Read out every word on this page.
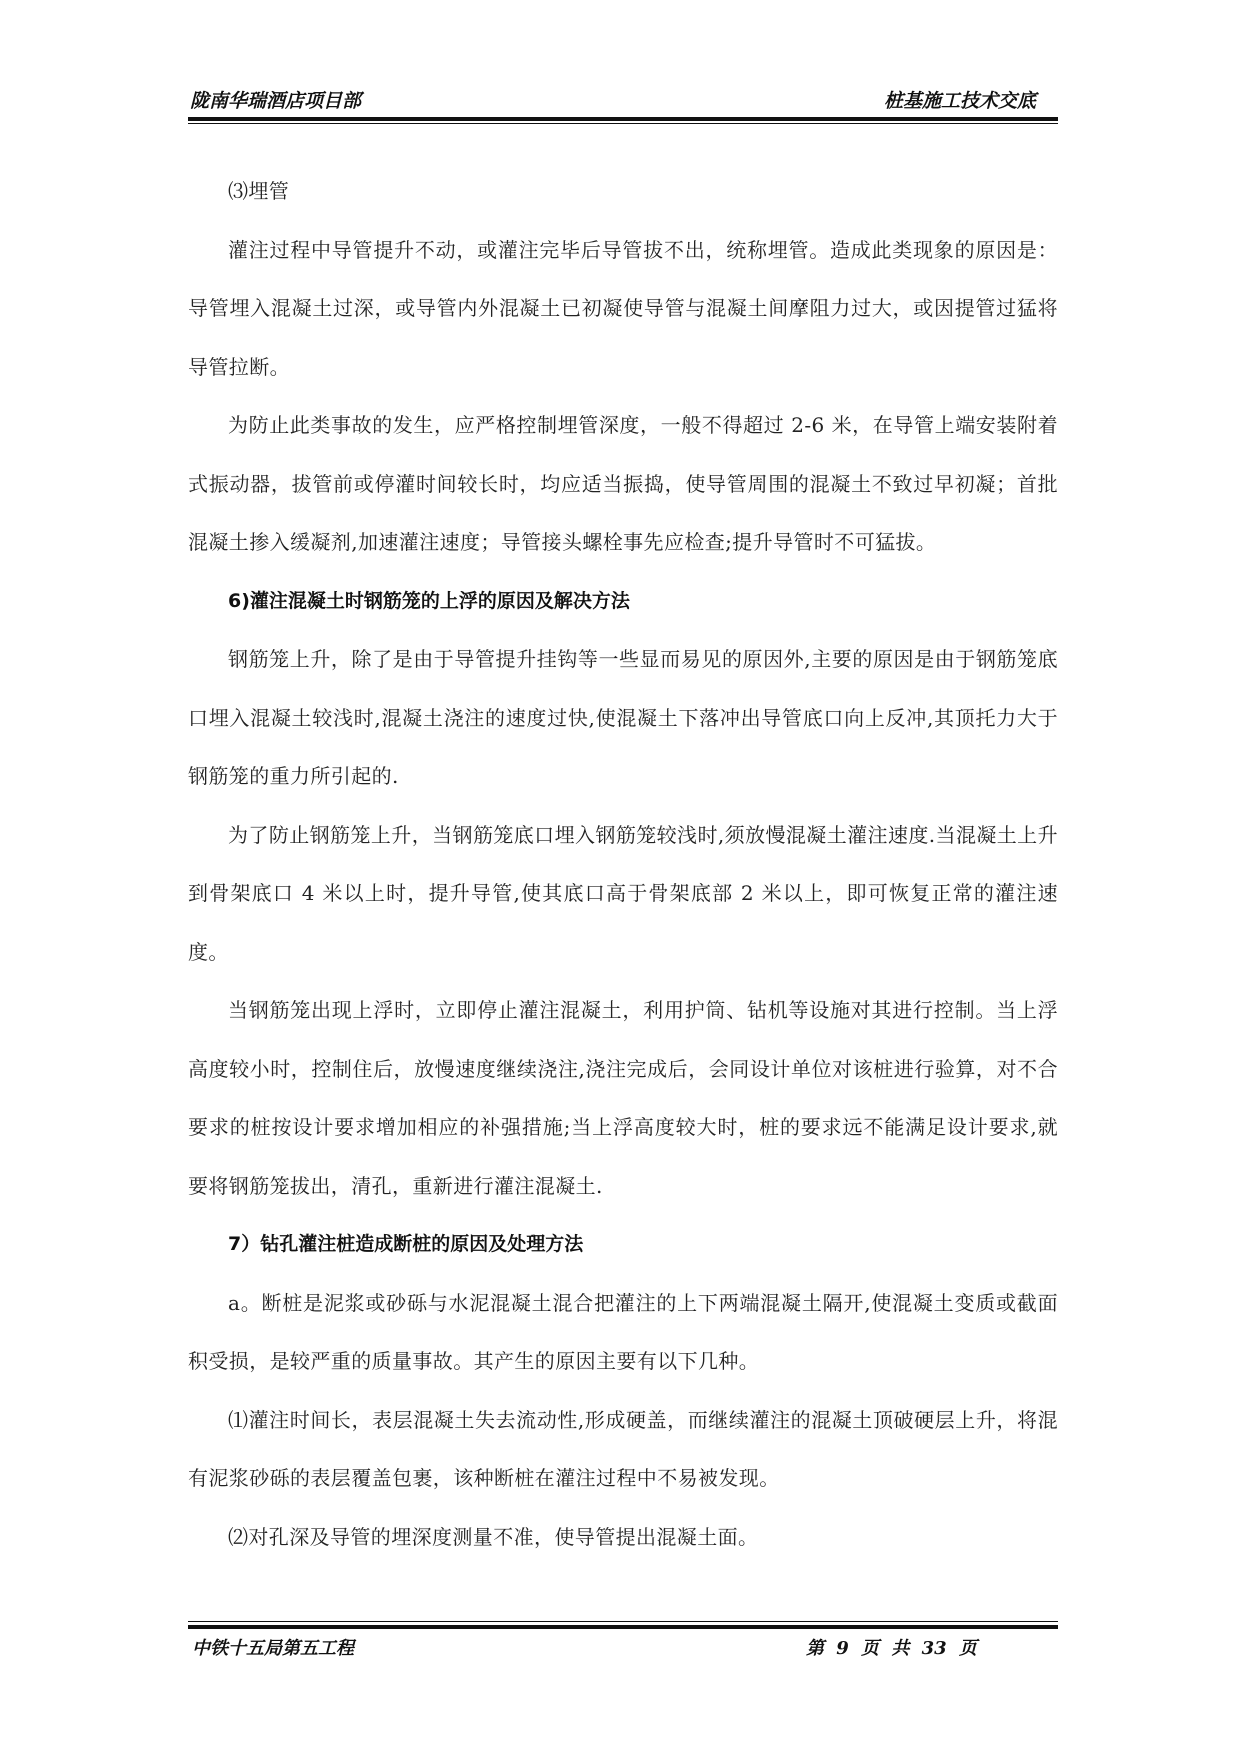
陇南华瑞酒店项目部	桩基施工技术交底

⑶埋管

灌注过程中导管提升不动，或灌注完毕后导管拔不出，统称埋管。造成此类现象的原因是：导管埋入混凝土过深，或导管内外混凝土已初凝使导管与混凝土间摩阻力过大，或因提管过猛将导管拉断。

为防止此类事故的发生，应严格控制埋管深度，一般不得超过 2-6 米，在导管上端安装附着式振动器，拔管前或停灌时间较长时，均应适当振捣，使导管周围的混凝土不致过早初凝；首批混凝土掺入缓凝剂,加速灌注速度；导管接头螺栓事先应检查;提升导管时不可猛拔。

6)灌注混凝土时钢筋笼的上浮的原因及解决方法

钢筋笼上升，除了是由于导管提升挂钩等一些显而易见的原因外,主要的原因是由于钢筋笼底口埋入混凝土较浅时,混凝土浇注的速度过快,使混凝土下落冲出导管底口向上反冲,其顶托力大于钢筋笼的重力所引起的.

为了防止钢筋笼上升，当钢筋笼底口埋入钢筋笼较浅时,须放慢混凝土灌注速度.当混凝土上升到骨架底口 4 米以上时，提升导管,使其底口高于骨架底部 2 米以上，即可恢复正常的灌注速度。

当钢筋笼出现上浮时，立即停止灌注混凝土，利用护筒、钻机等设施对其进行控制。当上浮高度较小时，控制住后，放慢速度继续浇注,浇注完成后，会同设计单位对该桩进行验算，对不合要求的桩按设计要求增加相应的补强措施;当上浮高度较大时，桩的要求远不能满足设计要求,就要将钢筋笼拔出，清孔，重新进行灌注混凝土.

7）钻孔灌注桩造成断桩的原因及处理方法

a。断桩是泥浆或砂砾与水泥混凝土混合把灌注的上下两端混凝土隔开,使混凝土变质或截面积受损，是较严重的质量事故。其产生的原因主要有以下几种。

⑴灌注时间长，表层混凝土失去流动性,形成硬盖，而继续灌注的混凝土顶破硬层上升，将混有泥浆砂砾的表层覆盖包裹，该种断桩在灌注过程中不易被发现。

⑵对孔深及导管的埋深度测量不准，使导管提出混凝土面。

中铁十五局第五工程	第 9 页 共 33 页
